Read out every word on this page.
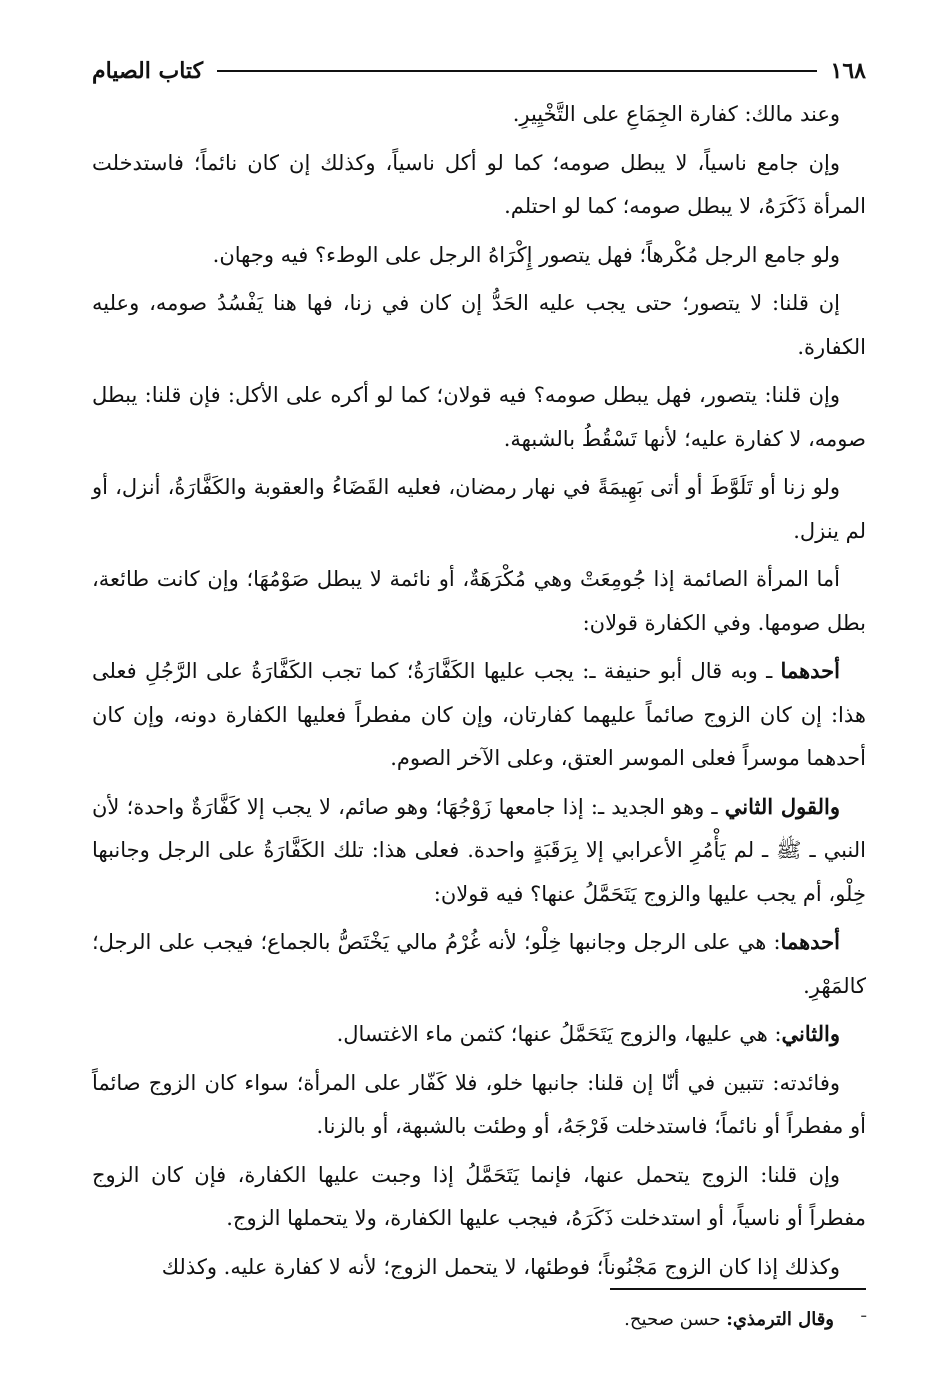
١٦٨
كتاب الصيام

وعند مالك: كفارة الجِمَاعِ على التَّخْيِيرِ.

وإن جامع ناسياً، لا يبطل صومه؛ كما لو أكل ناسياً، وكذلك إن كان نائماً؛ فاستدخلت المرأة ذَكَرَهُ، لا يبطل صومه؛ كما لو احتلم.

ولو جامع الرجل مُكْرهاً؛ فهل يتصور إِكْرَاهُ الرجل على الوطء؟ فيه وجهان.

إن قلنا: لا يتصور؛ حتى يجب عليه الحَدُّ إن كان في زنا، فها هنا يَفْسُدُ صومه، وعليه الكفارة.

وإن قلنا: يتصور، فهل يبطل صومه؟ فيه قولان؛ كما لو أكره على الأكل: فإن قلنا: يبطل صومه، لا كفارة عليه؛ لأنها تَسْقُطُ بالشبهة.

ولو زنا أو تَلَوَّطَ أو أتى بَهِيمَةً في نهار رمضان، فعليه القَضَاءُ والعقوبة والكَفَّارَةُ، أنزل، أو لم ينزل.

أما المرأة الصائمة إذا جُومِعَتْ وهي مُكْرَهَةٌ، أو نائمة لا يبطل صَوْمُهَا؛ وإن كانت طائعة، بطل صومها. وفي الكفارة قولان:

أحدهما ـ وبه قال أبو حنيفة ـ: يجب عليها الكَفَّارَةُ؛ كما تجب الكَفَّارَةُ على الرَّجُلِ فعلى هذا: إن كان الزوج صائماً عليهما كفارتان، وإن كان مفطراً فعليها الكفارة دونه، وإن كان أحدهما موسراً فعلى الموسر العتق، وعلى الآخر الصوم.

والقول الثاني ـ وهو الجديد ـ: إذا جامعها زَوْجُهَا؛ وهو صائم، لا يجب إلا كَفَّارَةٌ واحدة؛ لأن النبي ـ ﷺ ـ لم يَأْمُرِ الأعرابي إلا بِرَقَبَةٍ واحدة. فعلى هذا: تلك الكَفَّارَةُ على الرجل وجانبها خِلْو، أم يجب عليها والزوج يَتَحَمَّلُ عنها؟ فيه قولان:

أحدهما: هي على الرجل وجانبها خِلْو؛ لأنه غُرْمُ مالي يَخْتَصُّ بالجماع؛ فيجب على الرجل؛ كالمَهْرِ.

والثاني: هي عليها، والزوج يَتَحَمَّلُ عنها؛ كثمن ماء الاغتسال.

وفائدته: تتبين في أنّا إن قلنا: جانبها خلو، فلا كَفّار على المرأة؛ سواء كان الزوج صائماً أو مفطراً أو نائماً؛ فاستدخلت فَرْجَهُ، أو وطئت بالشبهة، أو بالزنا.

وإن قلنا: الزوج يتحمل عنها، فإنما يَتَحَمَّلُ إذا وجبت عليها الكفارة، فإن كان الزوج مفطراً أو ناسياً، أو استدخلت ذَكَرَهُ، فيجب عليها الكفارة، ولا يتحملها الزوج.

وكذلك إذا كان الزوج مَجْنُوناً؛ فوطئها، لا يتحمل الزوج؛ لأنه لا كفارة عليه. وكذلك

ـ
وقال الترمذي: حسن صحيح.
